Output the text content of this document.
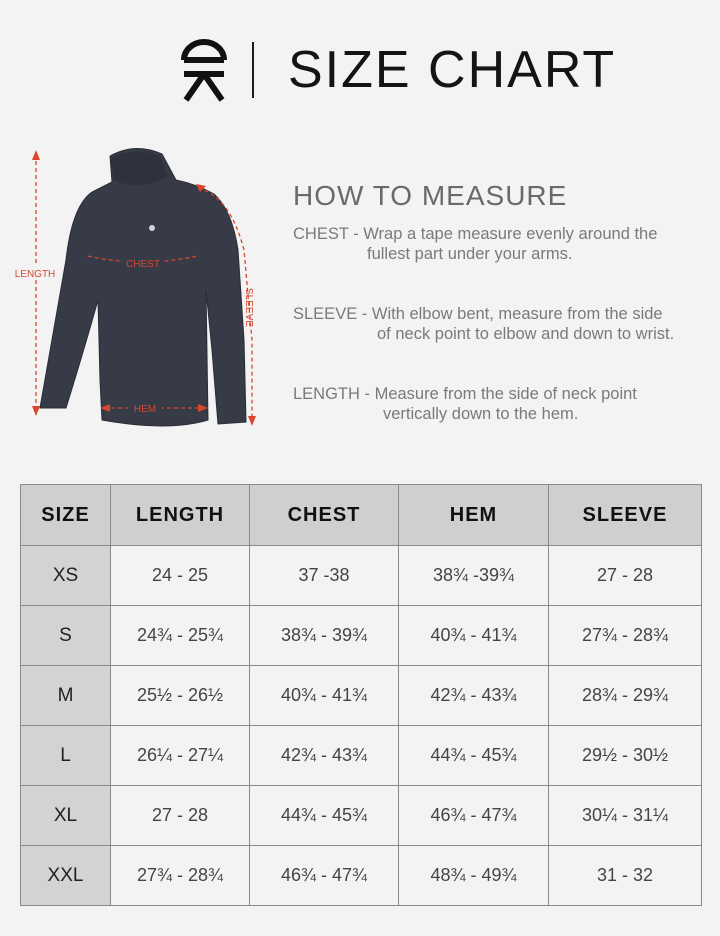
SIZE CHART
LENGTH
CHEST
SLEEVE
HEM
HOW TO MEASURE
CHEST - Wrap a tape measure evenly around the
fullest part under your arms.
SLEEVE - With elbow bent, measure from the side
of neck point to elbow and down to wrist.
LENGTH - Measure from the side of neck point
vertically down to the hem.
SIZE	LENGTH	CHEST	HEM	SLEEVE
XS	24 - 25	37 -38	38¾ -39¾	27 - 28
S	24¾ - 25¾	38¾ - 39¾	40¾ - 41¾	27¾ - 28¾
M	25½ - 26½	40¾ - 41¾	42¾ - 43¾	28¾ - 29¾
L	26¼ - 27¼	42¾ - 43¾	44¾ - 45¾	29½ - 30½
XL	27 - 28	44¾ - 45¾	46¾ - 47¾	30¼ - 31¼
XXL	27¾ - 28¾	46¾ - 47¾	48¾ - 49¾	31 - 32
